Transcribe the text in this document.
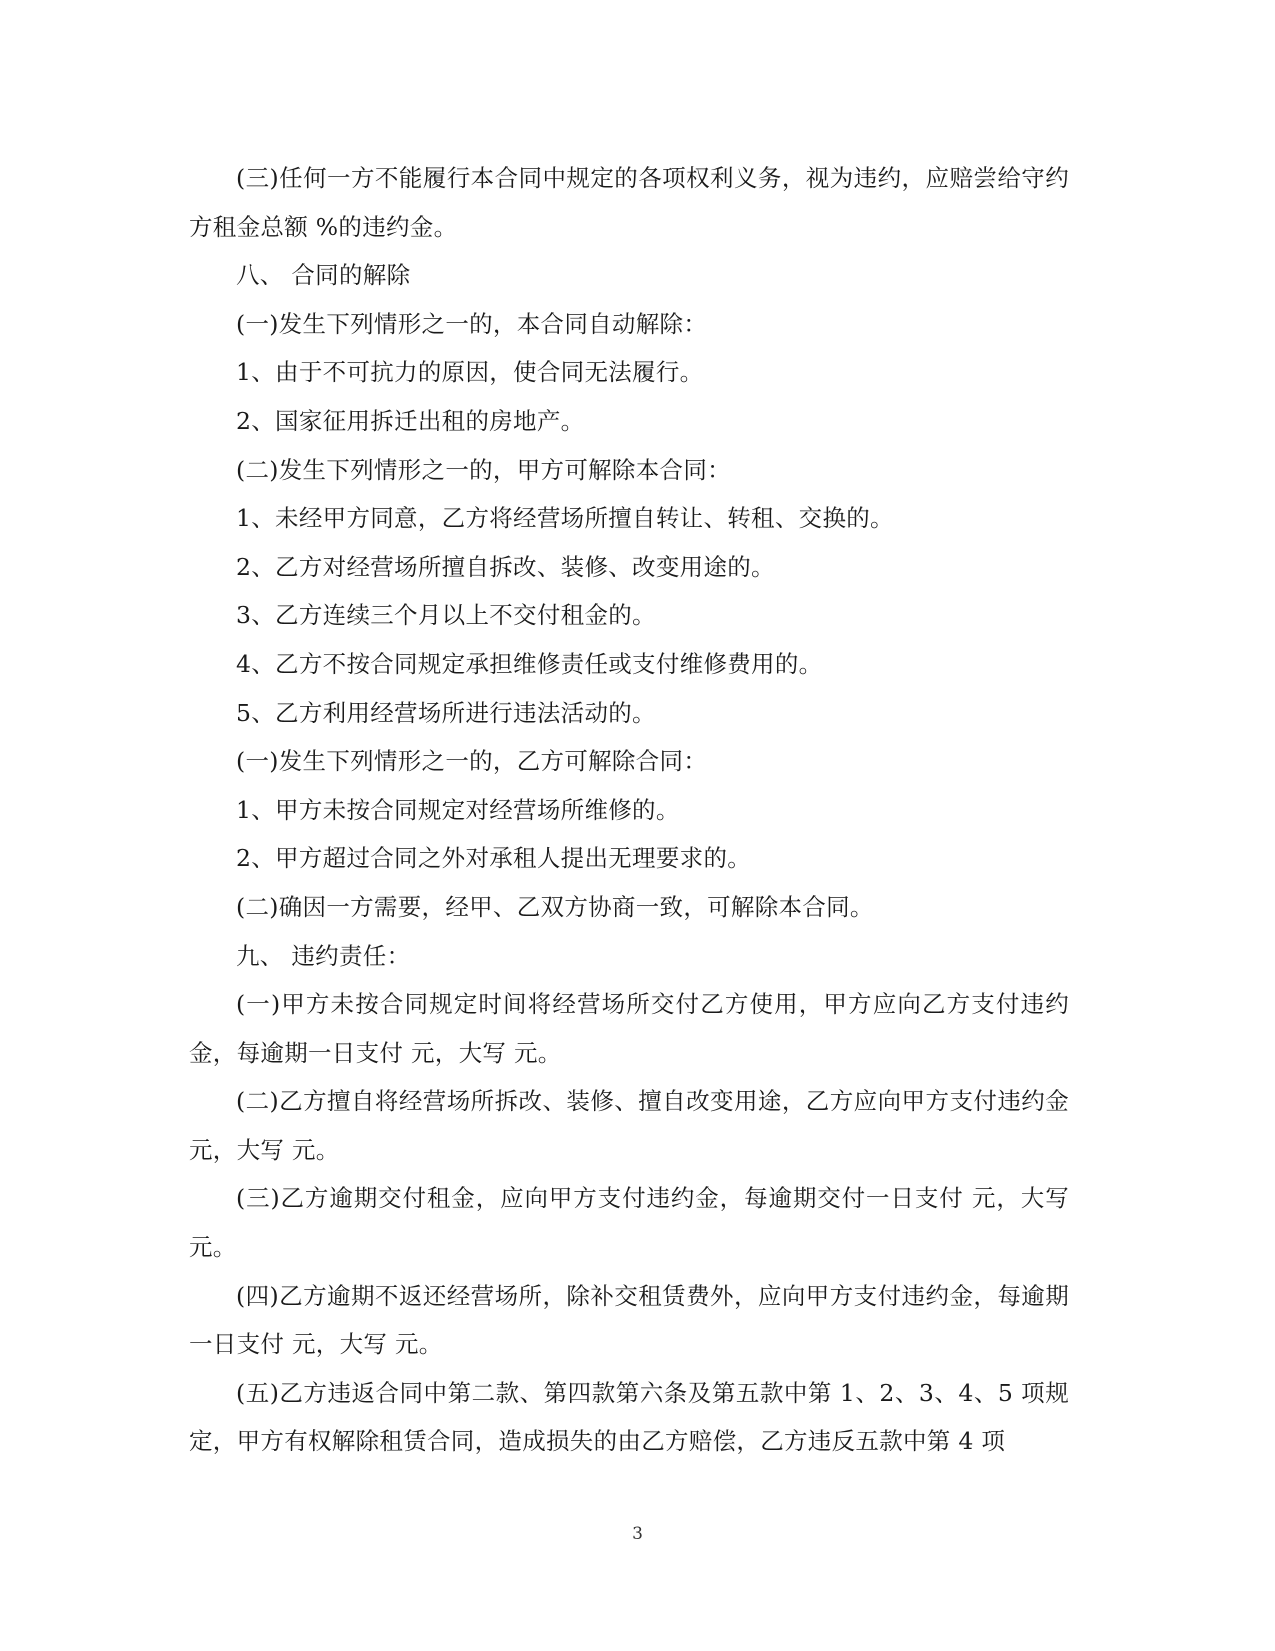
(三)任何一方不能履行本合同中规定的各项权利义务，视为违约，应赔尝给守约方租金总额 %的违约金。

八、 合同的解除

(一)发生下列情形之一的，本合同自动解除：

1、由于不可抗力的原因，使合同无法履行。

2、国家征用拆迁出租的房地产。

(二)发生下列情形之一的，甲方可解除本合同：

1、未经甲方同意，乙方将经营场所擅自转让、转租、交换的。

2、乙方对经营场所擅自拆改、装修、改变用途的。

3、乙方连续三个月以上不交付租金的。

4、乙方不按合同规定承担维修责任或支付维修费用的。

5、乙方利用经营场所进行违法活动的。

(一)发生下列情形之一的，乙方可解除合同：

1、甲方未按合同规定对经营场所维修的。

2、甲方超过合同之外对承租人提出无理要求的。

(二)确因一方需要，经甲、乙双方协商一致，可解除本合同。

九、 违约责任：

(一)甲方未按合同规定时间将经营场所交付乙方使用，甲方应向乙方支付违约金，每逾期一日支付 元，大写 元。

(二)乙方擅自将经营场所拆改、装修、擅自改变用途，乙方应向甲方支付违约金 元，大写 元。

(三)乙方逾期交付租金，应向甲方支付违约金，每逾期交付一日支付 元，大写 元。

(四)乙方逾期不返还经营场所，除补交租赁费外，应向甲方支付违约金，每逾期一日支付 元，大写 元。

(五)乙方违返合同中第二款、第四款第六条及第五款中第 1、2、3、4、5 项规定，甲方有权解除租赁合同，造成损失的由乙方赔偿，乙方违反五款中第 4 项

3
